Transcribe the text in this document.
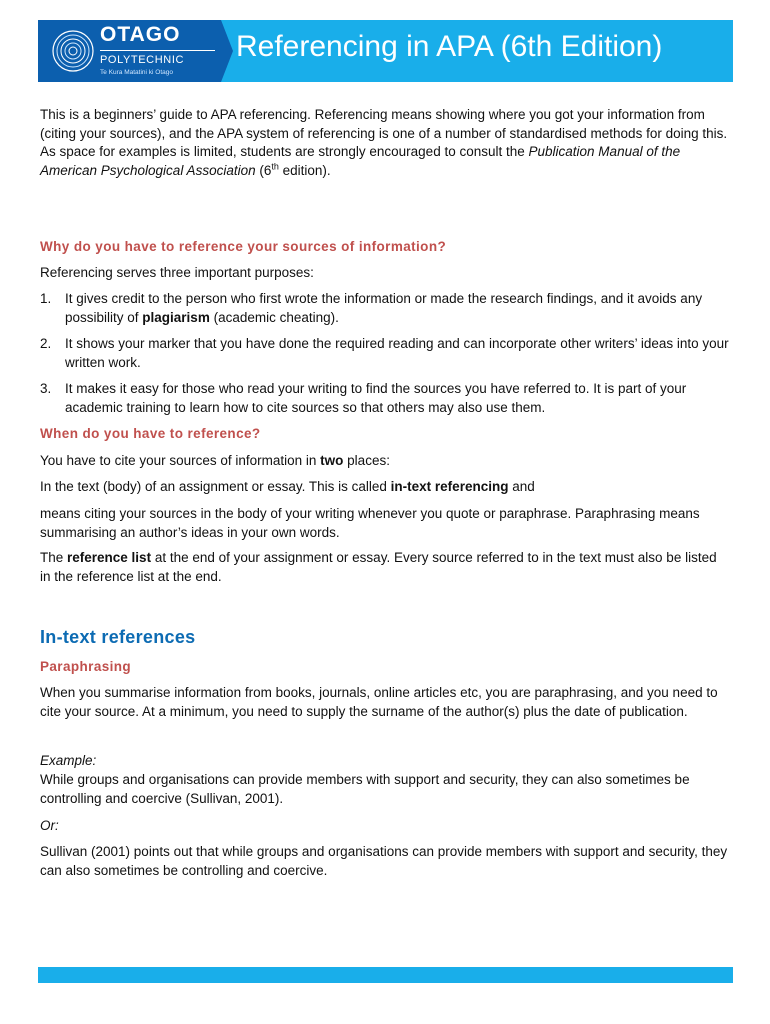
OTAGO
POLYTECHNIC
Te Kura Matatini ki Otago
Referencing in APA (6th Edition)

This is a beginners’ guide to APA referencing. Referencing means showing where you got your information from (citing your sources), and the APA system of referencing is one of a number of standardised methods for doing this. As space for examples is limited, students are strongly encouraged to consult the Publication Manual of the American Psychological Association (6th edition).

Why do you have to reference your sources of information?

Referencing serves three important purposes:

1. It gives credit to the person who first wrote the information or made the research findings, and it avoids any possibility of plagiarism (academic cheating).
2. It shows your marker that you have done the required reading and can incorporate other writers’ ideas into your written work.
3. It makes it easy for those who read your writing to find the sources you have referred to. It is part of your academic training to learn how to cite sources so that others may also use them.

When do you have to reference?

You have to cite your sources of information in two places:

In the text (body) of an assignment or essay. This is called in-text referencing and

means citing your sources in the body of your writing whenever you quote or paraphrase. Paraphrasing means summarising an author’s ideas in your own words.

The reference list at the end of your assignment or essay. Every source referred to in the text must also be listed in the reference list at the end.

In-text references

Paraphrasing

When you summarise information from books, journals, online articles etc, you are paraphrasing, and you need to cite your source. At a minimum, you need to supply the surname of the author(s) plus the date of publication.

Example:

While groups and organisations can provide members with support and security, they can also sometimes be controlling and coercive (Sullivan, 2001).

Or:

Sullivan (2001) points out that while groups and organisations can provide members with support and security, they can also sometimes be controlling and coercive.
